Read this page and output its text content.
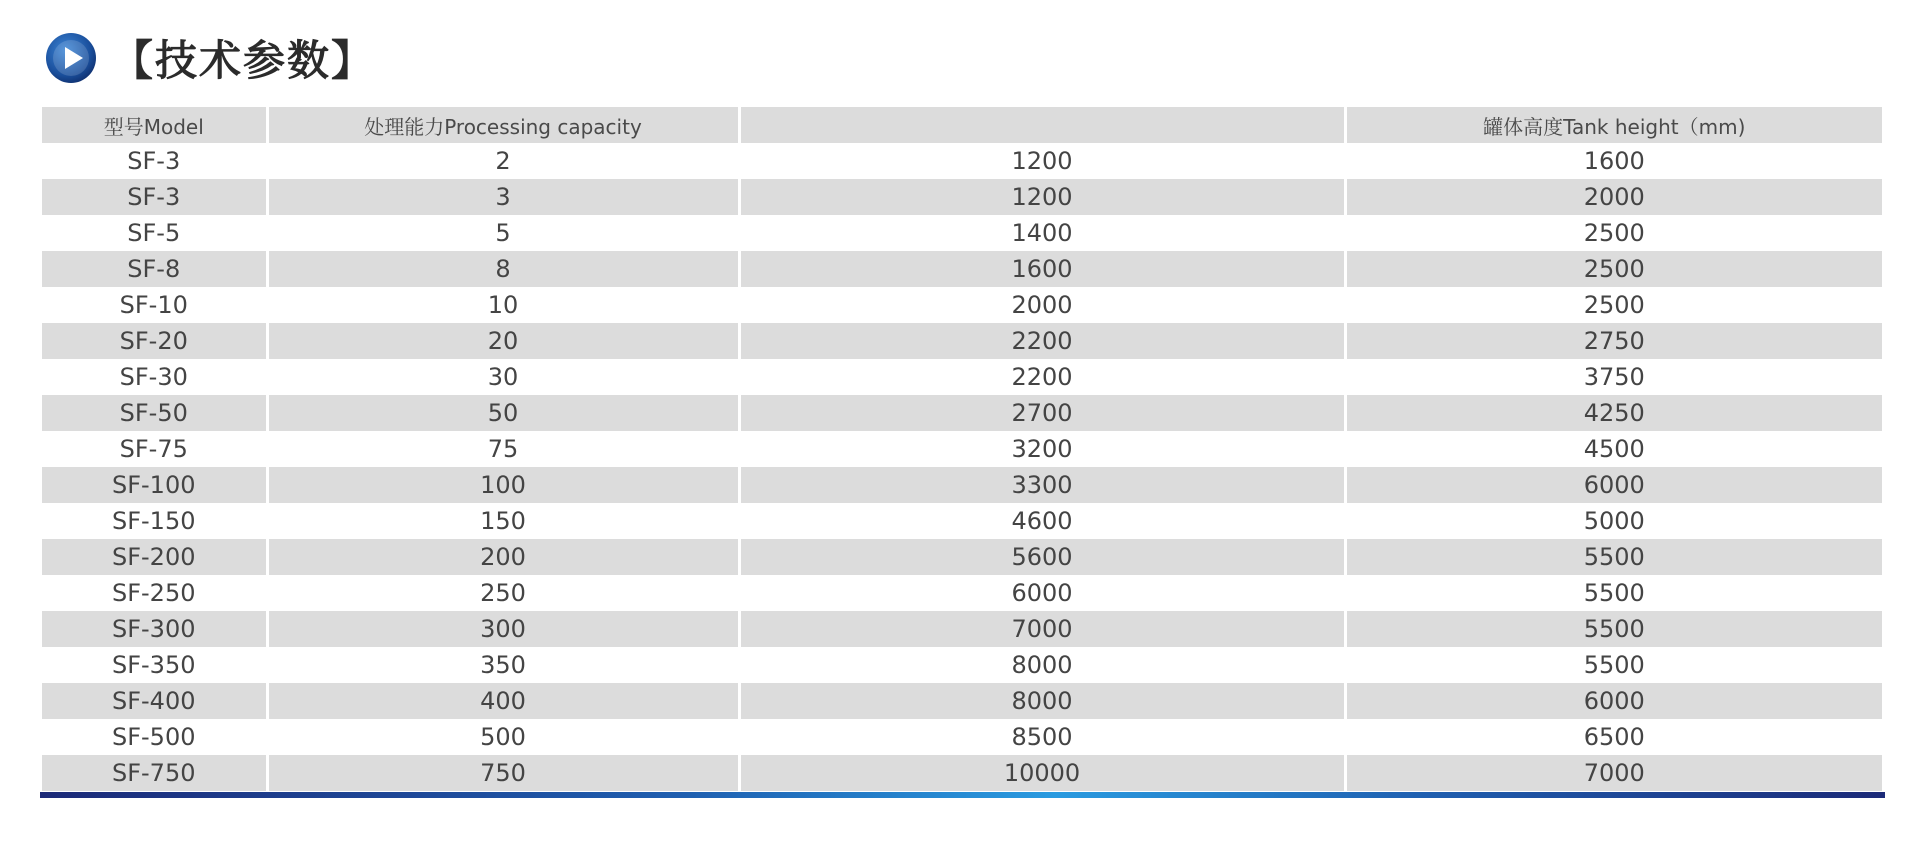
【技术参数】
型号Model	处理能力Processing capacity		罐体高度Tank height（mm)
SF-3	2	1200	1600
SF-3	3	1200	2000
SF-5	5	1400	2500
SF-8	8	1600	2500
SF-10	10	2000	2500
SF-20	20	2200	2750
SF-30	30	2200	3750
SF-50	50	2700	4250
SF-75	75	3200	4500
SF-100	100	3300	6000
SF-150	150	4600	5000
SF-200	200	5600	5500
SF-250	250	6000	5500
SF-300	300	7000	5500
SF-350	350	8000	5500
SF-400	400	8000	6000
SF-500	500	8500	6500
SF-750	750	10000	7000
